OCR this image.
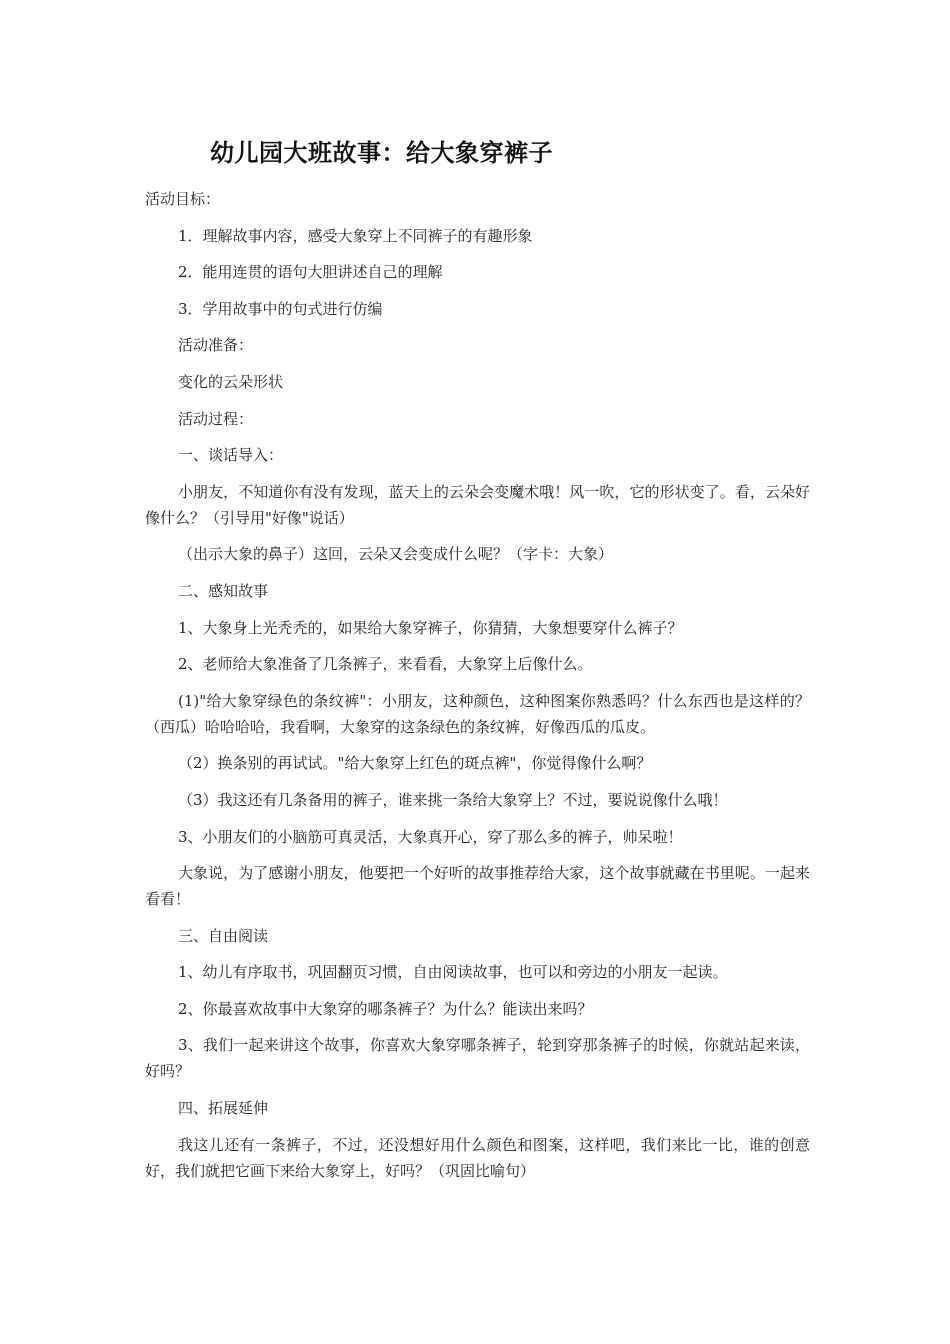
幼儿园大班故事：给大象穿裤子

活动目标：

1．理解故事内容，感受大象穿上不同裤子的有趣形象

2．能用连贯的语句大胆讲述自己的理解

3．学用故事中的句式进行仿编

活动准备：

变化的云朵形状

活动过程：

一、谈话导入：

小朋友，不知道你有没有发现，蓝天上的云朵会变魔术哦！风一吹，它的形状变了。看，云朵好像什么？（引导用"好像"说话）

（出示大象的鼻子）这回，云朵又会变成什么呢？（字卡：大象）

二、感知故事

1、大象身上光秃秃的，如果给大象穿裤子，你猜猜，大象想要穿什么裤子？

2、老师给大象准备了几条裤子，来看看，大象穿上后像什么。

(1)"给大象穿绿色的条纹裤"：小朋友，这种颜色，这种图案你熟悉吗？什么东西也是这样的？（西瓜）哈哈哈哈，我看啊，大象穿的这条绿色的条纹裤，好像西瓜的瓜皮。

（2）换条别的再试试。"给大象穿上红色的斑点裤"，你觉得像什么啊？

（3）我这还有几条备用的裤子，谁来挑一条给大象穿上？不过，要说说像什么哦！

3、小朋友们的小脑筋可真灵活，大象真开心，穿了那么多的裤子，帅呆啦！

大象说，为了感谢小朋友，他要把一个好听的故事推荐给大家，这个故事就藏在书里呢。一起来看看！

三、自由阅读

1、幼儿有序取书，巩固翻页习惯，自由阅读故事，也可以和旁边的小朋友一起读。

2、你最喜欢故事中大象穿的哪条裤子？为什么？能读出来吗？

3、我们一起来讲这个故事，你喜欢大象穿哪条裤子，轮到穿那条裤子的时候，你就站起来读，好吗？

四、拓展延伸

我这儿还有一条裤子，不过，还没想好用什么颜色和图案，这样吧，我们来比一比，谁的创意好，我们就把它画下来给大象穿上，好吗？（巩固比喻句）
